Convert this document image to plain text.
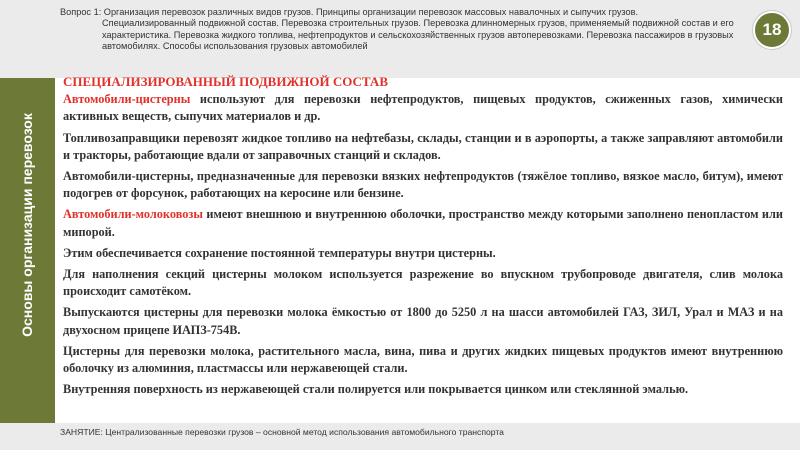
Основы организации перевозок
Вопрос 1: Организация перевозок различных видов грузов. Принципы организации перевозок массовых навалочных и сыпучих грузов.
Специализированный подвижной состав. Перевозка строительных грузов. Перевозка длинномерных грузов, применяемый подвижной состав и его характеристика. Перевозка жидкого топлива, нефтепродуктов и сельскохозяйственных грузов автоперевозками. Перевозка пассажиров в грузовых автомобилях. Способы использования грузовых автомобилей
18
СПЕЦИАЛИЗИРОВАННЫЙ ПОДВИЖНОЙ СОСТАВ

Автомобили-цистерны используют для перевозки нефтепродуктов, пищевых продуктов, сжиженных газов, химически активных веществ, сыпучих материалов и др.

Топливозаправщики перевозят жидкое топливо на нефтебазы, склады, станции и в аэропорты, а также заправляют автомобили и тракторы, работающие вдали от заправочных станций и складов.

Автомобили-цистерны, предназначенные для перевозки вязких нефтепродуктов (тяжёлое топливо, вязкое масло, битум), имеют подогрев от форсунок, работающих на керосине или бензине.

Автомобили-молоковозы имеют внешнюю и внутреннюю оболочки, пространство между которыми заполнено пенопластом или мипорой.

Этим обеспечивается сохранение постоянной температуры внутри цистерны.

Для наполнения секций цистерны молоком используется разрежение во впускном трубопроводе двигателя, слив молока происходит самотёком.

Выпускаются цистерны для перевозки молока ёмкостью от 1800 до 5250 л на шасси автомобилей ГАЗ, ЗИЛ, Урал и МАЗ и на двухосном прицепе ИАПЗ-754В.

Цистерны для перевозки молока, растительного масла, вина, пива и других жидких пищевых продуктов имеют внутреннюю оболочку из алюминия, пластмассы или нержавеющей стали.

Внутренняя поверхность из нержавеющей стали полируется или покрывается цинком или стеклянной эмалью.

ЗАНЯТИЕ: Централизованные перевозки грузов – основной метод использования автомобильного транспорта
